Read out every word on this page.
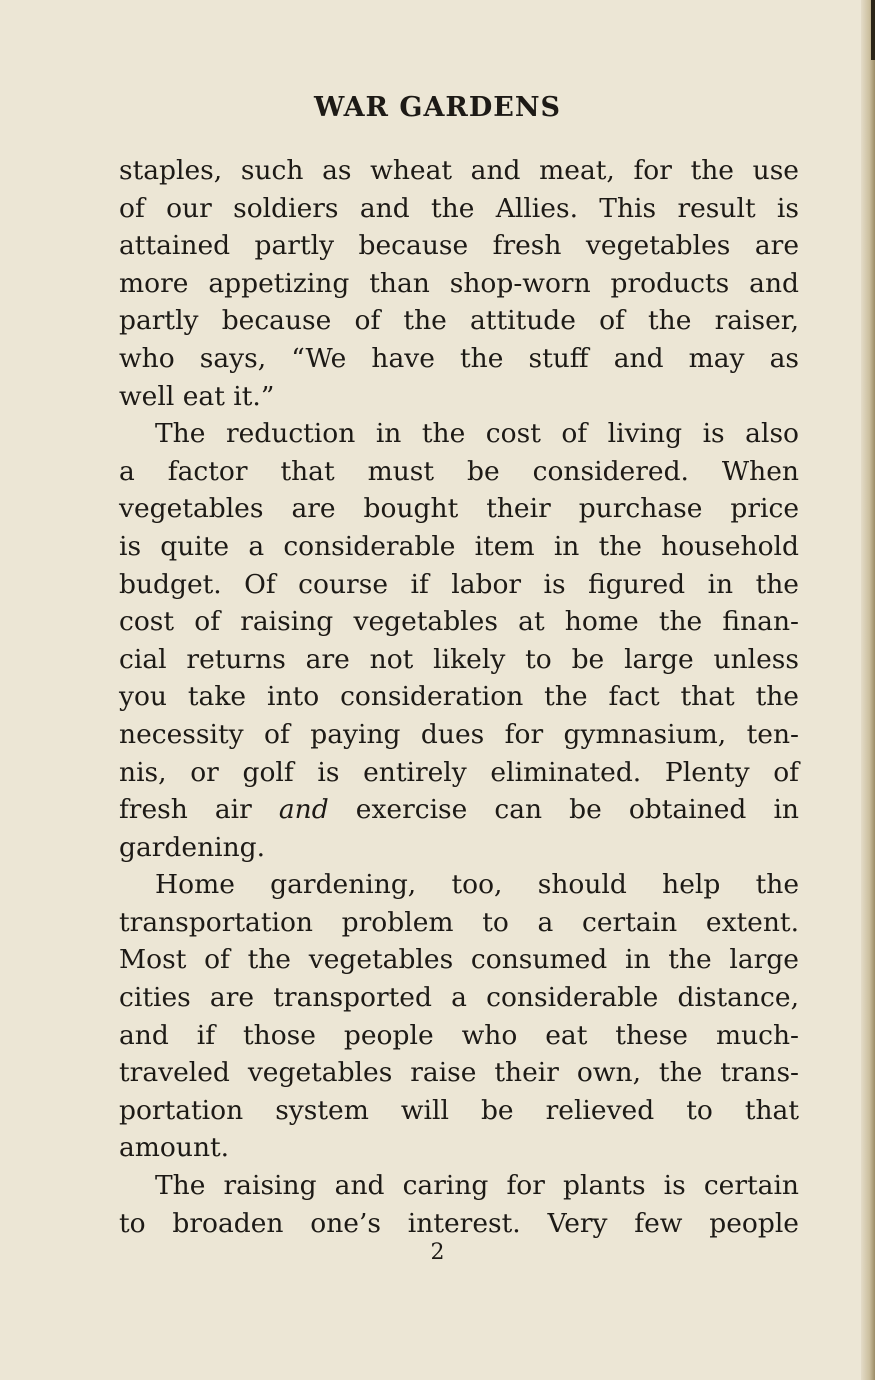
WAR GARDENS
staples, such as wheat and meat, for the use
of our soldiers and the Allies. This result is
attained partly because fresh vegetables are
more appetizing than shop-worn products and
partly because of the attitude of the raiser,
who says, “We have the stuff and may as
well eat it.”
The reduction in the cost of living is also
a factor that must be considered. When
vegetables are bought their purchase price
is quite a considerable item in the household
budget. Of course if labor is figured in the
cost of raising vegetables at home the finan-
cial returns are not likely to be large unless
you take into consideration the fact that the
necessity of paying dues for gymnasium, ten-
nis, or golf is entirely eliminated. Plenty of
fresh air and exercise can be obtained in
gardening.
Home gardening, too, should help the
transportation problem to a certain extent.
Most of the vegetables consumed in the large
cities are transported a considerable distance,
and if those people who eat these much-
traveled vegetables raise their own, the trans-
portation system will be relieved to that
amount.
The raising and caring for plants is certain
to broaden one’s interest. Very few people
2
